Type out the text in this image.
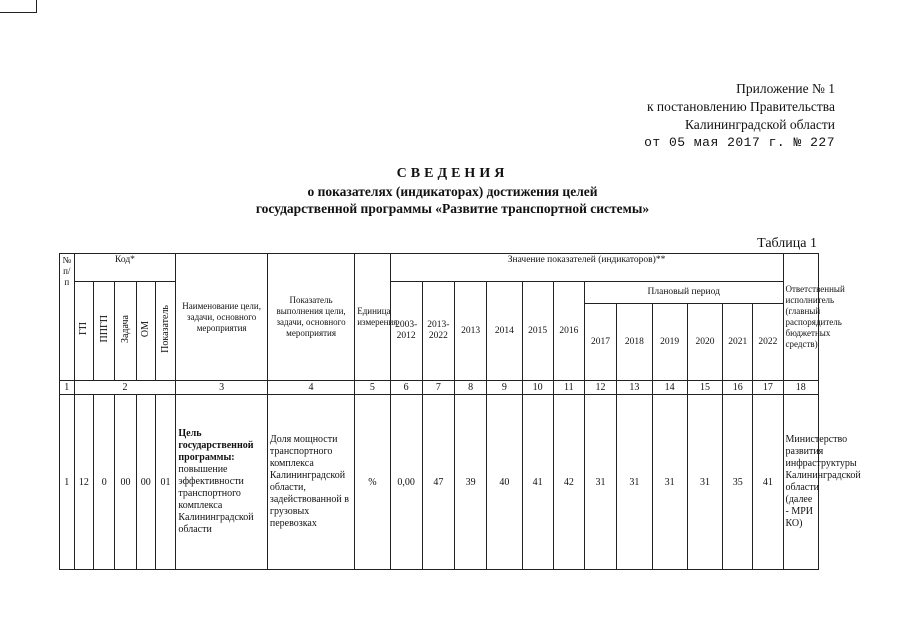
Приложение № 1
к постановлению Правительства
Калининградской области
от 05 мая 2017 г. № 227
СВЕДЕНИЯ
о показателях (индикаторах) достижения целей
государственной программы «Развитие транспортной системы»
Таблица 1
№ п/п	Код*					Наименование цели, задачи, основного мероприятия	Показатель выполнения цели, задачи, основного мероприятия	Единица измерения	Значение показателей (индикаторов)**												Ответственный исполнитель (главный распорядитель бюджетных средств)
	ГП	ППГП	Задача	ОМ	Показатель				2003-2012	2013-2022	2013	2014	2015	2016	Плановый период						
															2017	2018	2019	2020	2021	2022	
1	2					3	4	5	6	7	8	9	10	11	12	13	14	15	16	17	18
1	12	0	00	00	01	Цель государственной программы: повышение эффективности транспортного комплекса Калининградской области	Доля мощности транспортного комплекса Калининградской области, задействованной в грузовых перевозках	%	0,00	47	39	40	41	42	31	31	31	31	35	41	Министерство развития инфраструктуры Калининградской области (далее - МРИ КО)
